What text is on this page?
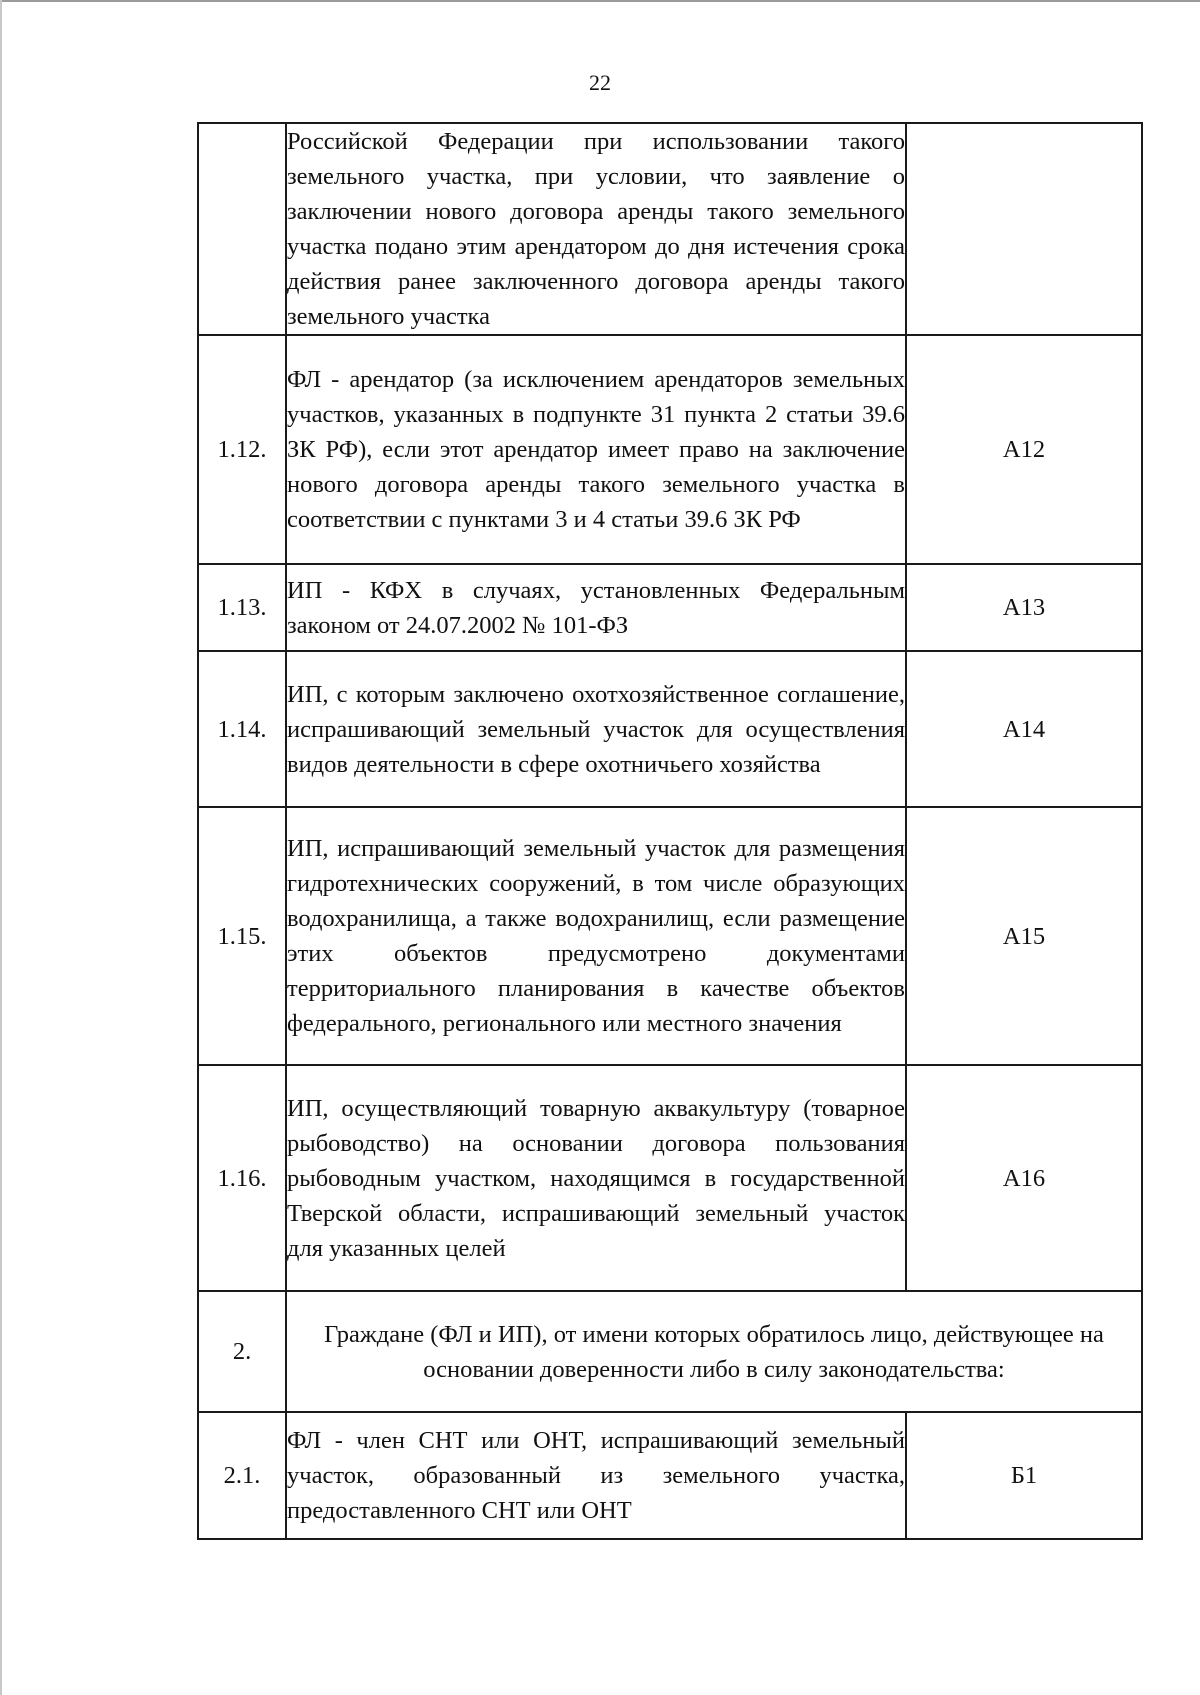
22
	Российской Федерации при использовании такого земельного участка, при условии, что заявление о заключении нового договора аренды такого земельного участка подано этим арендатором до дня истечения срока действия ранее заключенного договора аренды такого земельного участка	
1.12.	ФЛ - арендатор (за исключением арендаторов земельных участков, указанных в подпункте 31 пункта 2 статьи 39.6 ЗК РФ), если этот арендатор имеет право на заключение нового договора аренды такого земельного участка в соответствии с пунктами 3 и 4 статьи 39.6 ЗК РФ	А12
1.13.	ИП - КФХ в случаях, установленных Федеральным законом от 24.07.2002 № 101-ФЗ	А13
1.14.	ИП, с которым заключено охотхозяйственное соглашение, испрашивающий земельный участок для осуществления видов деятельности в сфере охотничьего хозяйства	А14
1.15.	ИП, испрашивающий земельный участок для размещения гидротехнических сооружений, в том числе образующих водохранилища, а также водохранилищ, если размещение этих объектов предусмотрено документами территориального планирования в качестве объектов федерального, регионального или местного значения	А15
1.16.	ИП, осуществляющий товарную аквакультуру (товарное рыбоводство) на основании договора пользования рыбоводным участком, находящимся в государственной Тверской области, испрашивающий земельный участок для указанных целей	А16
2.	Граждане (ФЛ и ИП), от имени которых обратилось лицо, действующее на основании доверенности либо в силу законодательства:	
2.1.	ФЛ - член СНТ или ОНТ, испрашивающий земельный участок, образованный из земельного участка, предоставленного СНТ или ОНТ	Б1
